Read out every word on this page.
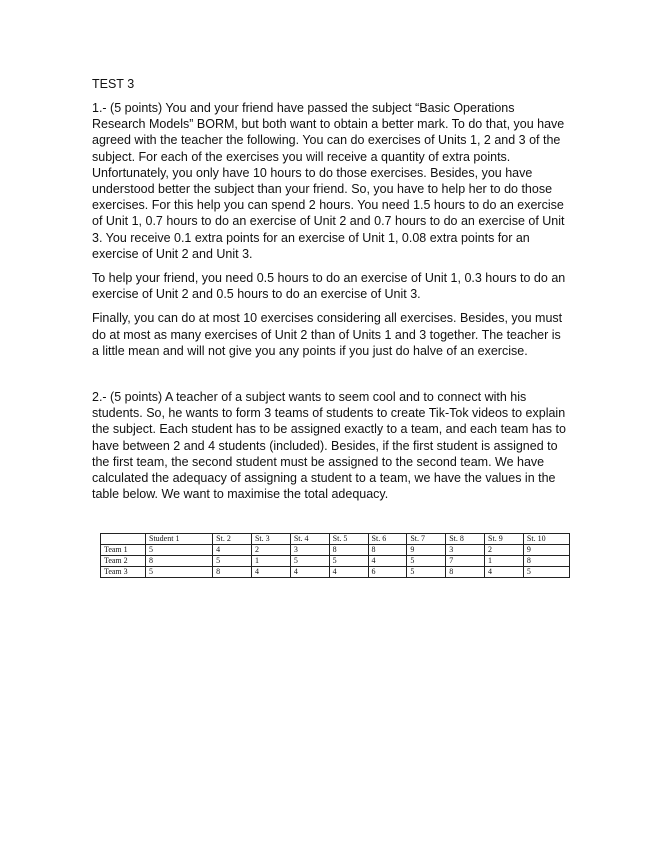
TEST 3

1.- (5 points) You and your friend have passed the subject “Basic Operations Research Models” BORM, but both want to obtain a better mark. To do that, you have agreed with the teacher the following. You can do exercises of Units 1, 2 and 3 of the subject. For each of the exercises you will receive a quantity of extra points. Unfortunately, you only have 10 hours to do those exercises. Besides, you have understood better the subject than your friend. So, you have to help her to do those exercises. For this help you can spend 2 hours. You need 1.5 hours to do an exercise of Unit 1, 0.7 hours to do an exercise of Unit 2 and 0.7 hours to do an exercise of Unit 3. You receive 0.1 extra points for an exercise of Unit 1, 0.08 extra points for an exercise of Unit 2 and Unit 3.

To help your friend, you need 0.5 hours to do an exercise of Unit 1, 0.3 hours to do an exercise of Unit 2 and 0.5 hours to do an exercise of Unit 3.

Finally, you can do at most 10 exercises considering all exercises. Besides, you must do at most as many exercises of Unit 2 than of Units 1 and 3 together. The teacher is a little mean and will not give you any points if you just do halve of an exercise.

2.- (5 points) A teacher of a subject wants to seem cool and to connect with his students. So, he wants to form 3 teams of students to create Tik-Tok videos to explain the subject. Each student has to be assigned exactly to a team, and each team has to have between 2 and 4 students (included). Besides, if the first student is assigned to the first team, the second student must be assigned to the second team. We have calculated the adequacy of assigning a student to a team, we have the values in the table below. We want to maximise the total adequacy.

	Student 1	St. 2	St. 3	St. 4	St. 5	St. 6	St. 7	St. 8	St. 9	St. 10
Team 1	5	4	2	3	8	8	9	3	2	9
Team 2	8	5	1	5	5	4	5	7	1	8
Team 3	5	8	4	4	4	6	5	8	4	5
